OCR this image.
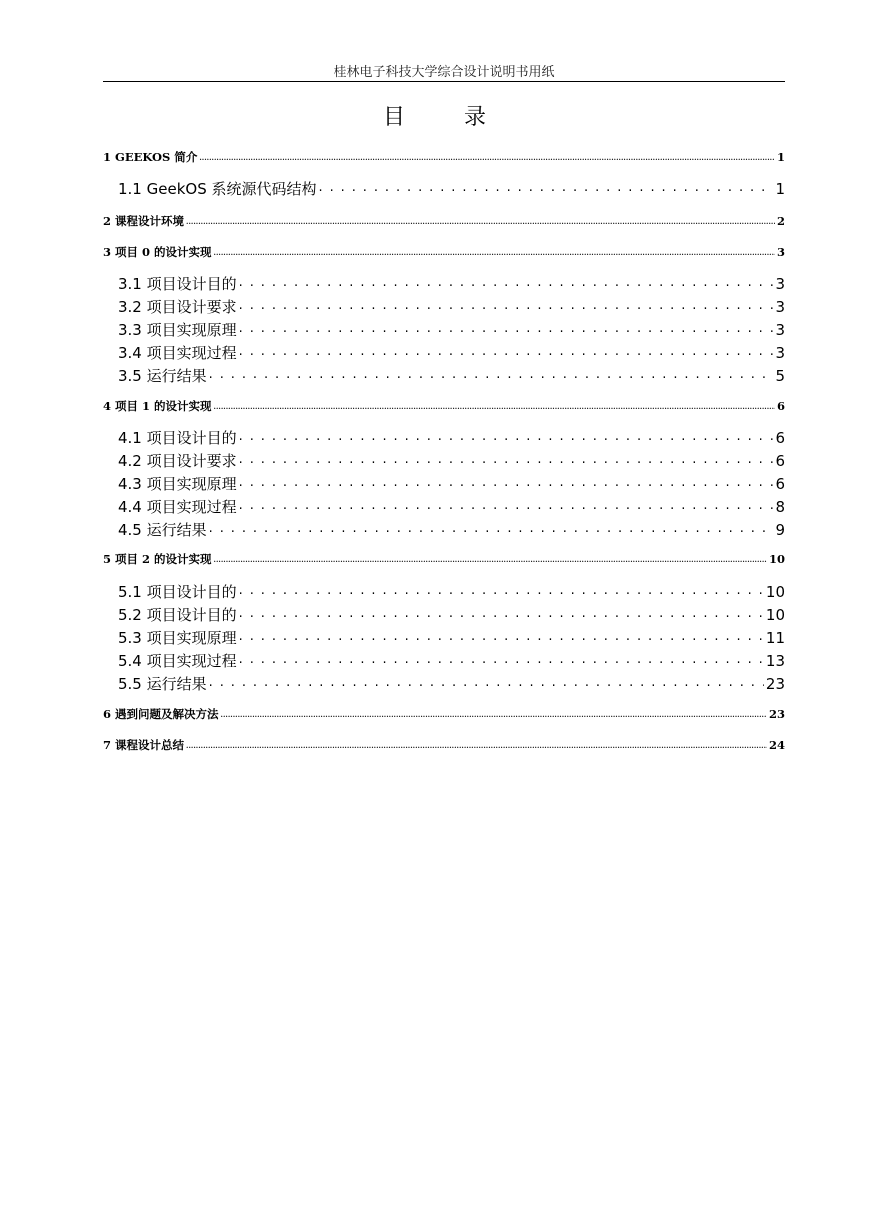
桂林电子科技大学综合设计说明书用纸
目 录
1 GEEKOS 简介 .....	1
1.1 GeekOS 系统源代码结构 . . .	1
2 课程设计环境 .....	2
3 项目 0 的设计实现 .....	3
3.1 项目设计目的 . . .	3
3.2 项目设计要求 . . .	3
3.3 项目实现原理 . . .	3
3.4 项目实现过程 . . .	3
3.5 运行结果 . . .	5
4 项目 1 的设计实现 .....	6
4.1 项目设计目的 . . .	6
4.2 项目设计要求 . . .	6
4.3 项目实现原理 . . .	6
4.4 项目实现过程 . . .	8
4.5 运行结果 . . .	9
5 项目 2 的设计实现 .....	10
5.1 项目设计目的 . . .	10
5.2 项目设计目的 . . .	10
5.3 项目实现原理 . . .	11
5.4 项目实现过程 . . .	13
5.5 运行结果 . . .	23
6 遇到问题及解决方法 .....	23
7 课程设计总结 .....	24
